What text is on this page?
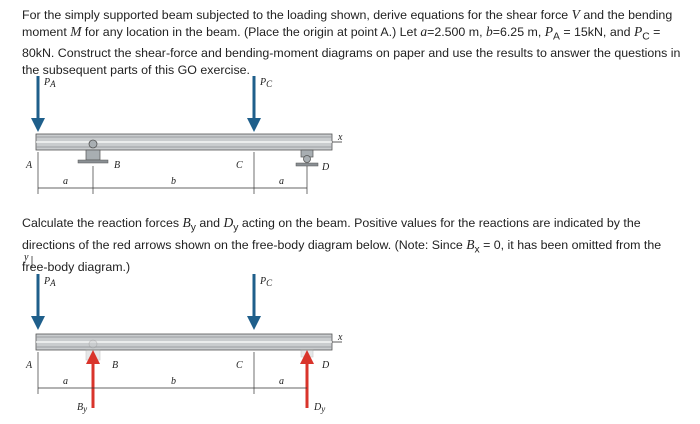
For the simply supported beam subjected to the loading shown, derive equations for the shear force V and the bending moment M for any location in the beam. (Place the origin at point A.) Let a=2.500 m, b=6.25 m, $P_A = 15kN$, and $P_C = 80kN$. Construct the shear-force and bending-moment diagrams on paper and use the results to answer the questions in the subsequent parts of this GO exercise.

PA	PC
x
A	B	C	D
a	b	a

Calculate the reaction forces $B_y$ and $D_y$ acting on the beam. Positive values for the reactions are indicated by the directions of the red arrows shown on the free-body diagram below. (Note: Since $B_x = 0$, it has been omitted from the free-body diagram.)

y
PA	PC
x
By	Dy
A	B	C	D
a	b	a
